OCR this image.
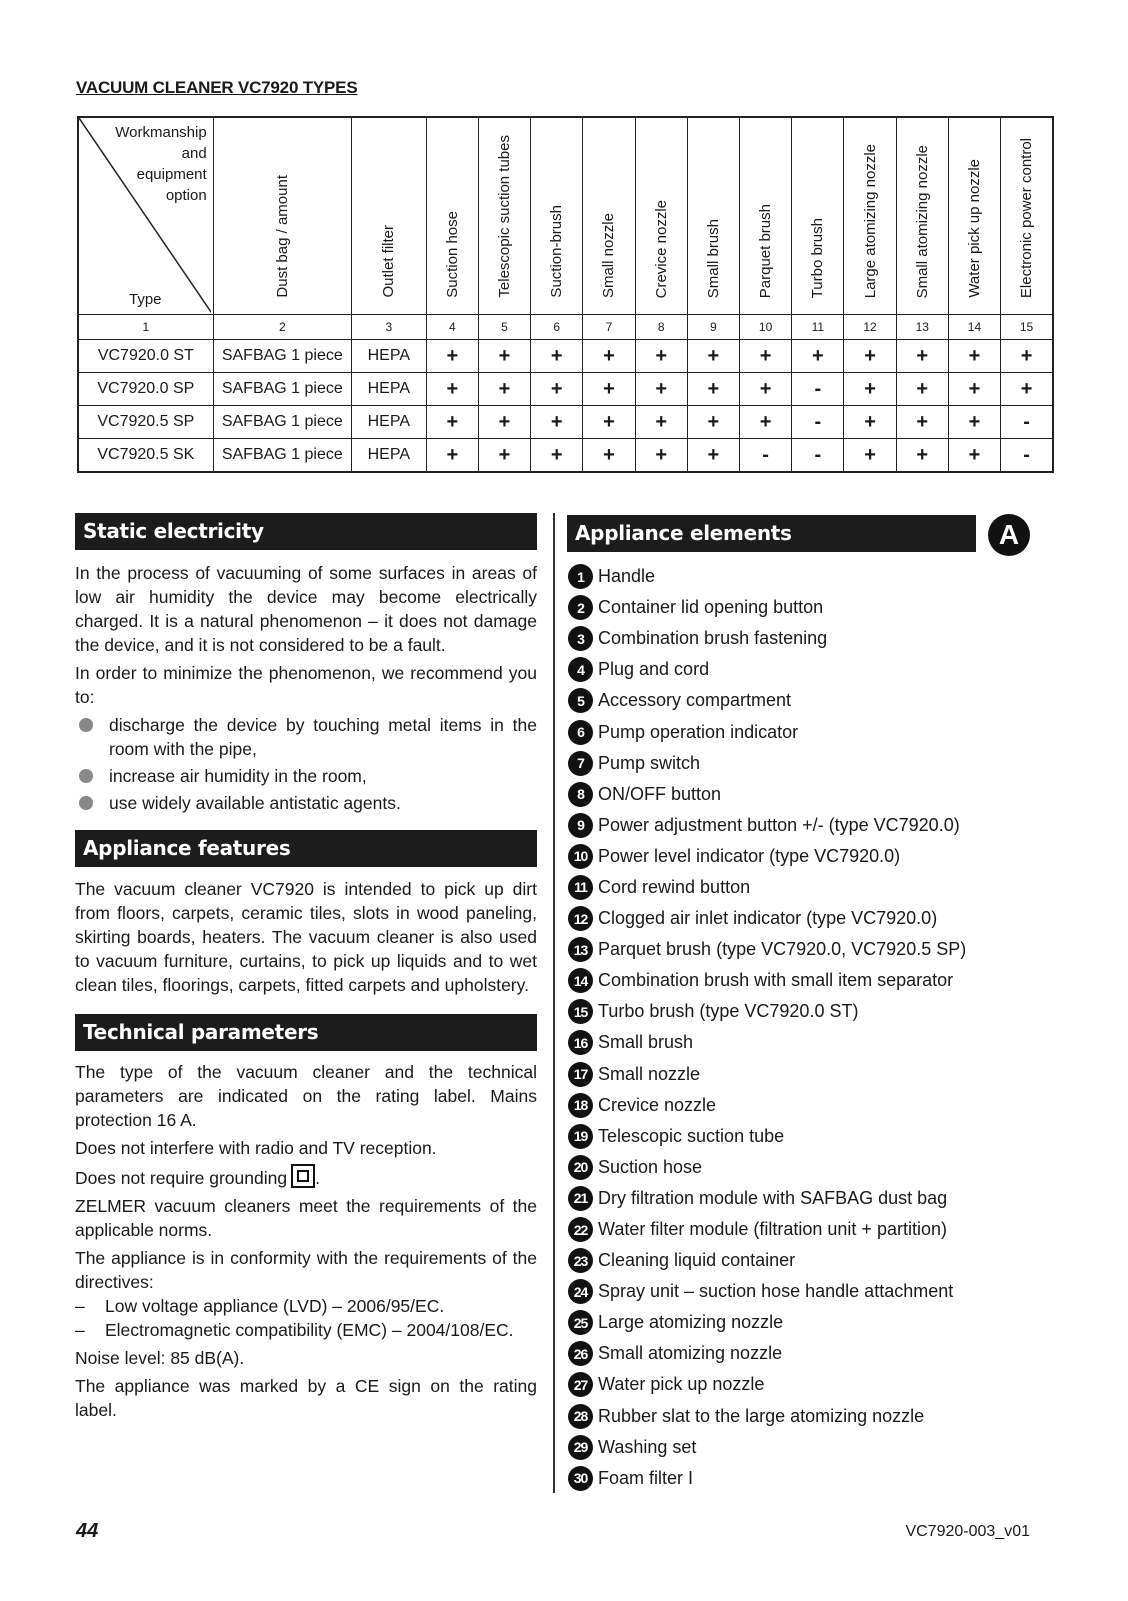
VACUUM CLEANER VC7920 TYPES
Workmanship
and
equipment
option
Type	Dust bag / amount	Outlet filter	Suction hose	Telescopic suction tubes	Suction-brush	Small nozzle	Crevice nozzle	Small brush	Parquet brush	Turbo brush	Large atomizing nozzle	Small atomizing nozzle	Water pick up nozzle	Electronic power control
1	2	3	4	5	6	7	8	9	10	11	12	13	14	15
VC7920.0 ST	SAFBAG 1 piece	HEPA	+	+	+	+	+	+	+	+	+	+	+	+
VC7920.0 SP	SAFBAG 1 piece	HEPA	+	+	+	+	+	+	+	-	+	+	+	+
VC7920.5 SP	SAFBAG 1 piece	HEPA	+	+	+	+	+	+	+	-	+	+	+	-
VC7920.5 SK	SAFBAG 1 piece	HEPA	+	+	+	+	+	+	-	-	+	+	+	-
Static electricity

In the process of vacuuming of some surfaces in areas of low air humidity the device may become electrically charged. It is a natural phenomenon – it does not damage the device, and it is not considered to be a fault.

In order to minimize the phenomenon, we recommend you to:

discharge the device by touching metal items in the room with the pipe,
increase air humidity in the room,
use widely available antistatic agents.
Appliance features

The vacuum cleaner VC7920 is intended to pick up dirt from floors, carpets, ceramic tiles, slots in wood paneling, skirting boards, heaters. The vacuum cleaner is also used to vacuum furniture, curtains, to pick up liquids and to wet clean tiles, floorings, carpets, fitted carpets and upholstery.

Technical parameters

The type of the vacuum cleaner and the technical parameters are indicated on the rating label. Mains protection 16 A.

Does not interfere with radio and TV reception.

Does not require grounding .

ZELMER vacuum cleaners meet the requirements of the applicable norms.

The appliance is in conformity with the requirements of the directives:

–	Low voltage appliance (LVD) – 2006/95/EC.
–	Electromagnetic compatibility (EMC) – 2004/108/EC.

Noise level: 85 dB(A).

The appliance was marked by a CE sign on the rating label.

Appliance elements	A
1 Handle
2 Container lid opening button
3 Combination brush fastening
4 Plug and cord
5 Accessory compartment
6 Pump operation indicator
7 Pump switch
8 ON/OFF button
9 Power adjustment button +/- (type VC7920.0)
10 Power level indicator (type VC7920.0)
11 Cord rewind button
12 Clogged air inlet indicator (type VC7920.0)
13 Parquet brush (type VC7920.0, VC7920.5 SP)
14 Combination brush with small item separator
15 Turbo brush (type VC7920.0 ST)
16 Small brush
17 Small nozzle
18 Crevice nozzle
19 Telescopic suction tube
20 Suction hose
21 Dry filtration module with SAFBAG dust bag
22 Water filter module (filtration unit + partition)
23 Cleaning liquid container
24 Spray unit – suction hose handle attachment
25 Large atomizing nozzle
26 Small atomizing nozzle
27 Water pick up nozzle
28 Rubber slat to the large atomizing nozzle
29 Washing set
30 Foam filter I
44	VC7920-003_v01
